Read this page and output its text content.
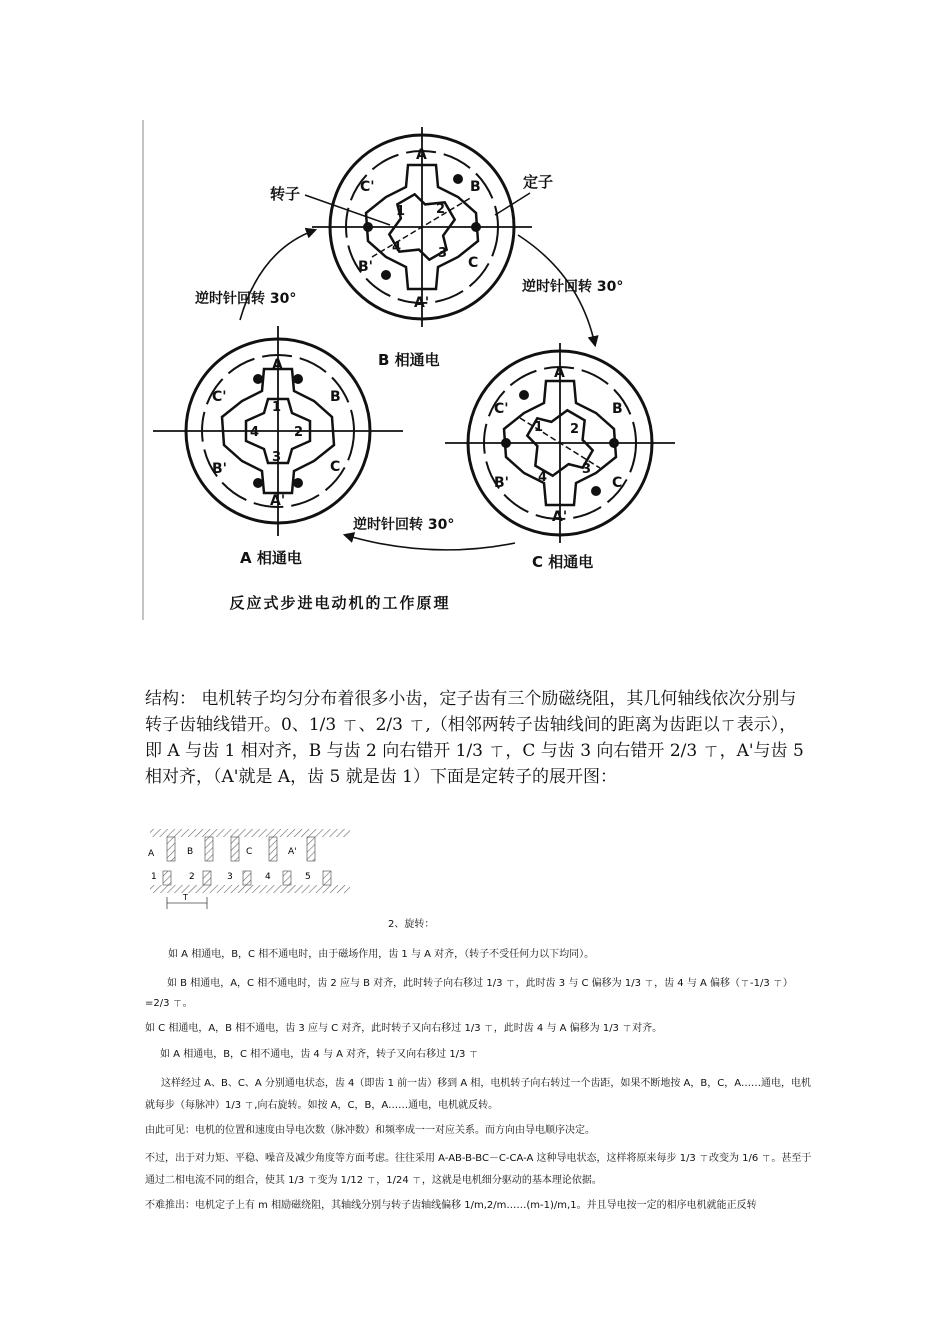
A
A'
B
B'	C
C'
1 2
3
4
转子
定子
B 相通电
A
A'
B
B'	C
C'
1
2
3
4
A 相通电
A
A'
B
B'	C
C'
1 2
3
4
C 相通电
逆时针回转 30°
逆时针回转 30°
逆时针回转 30°
反应式步进电动机的工作原理

结构： 电机转子均匀分布着很多小齿，定子齿有三个励磁绕阻，其几何轴线依次分别与转子齿轴线错开。0、1/3 ㄒ、2/3 ㄒ,（相邻两转子齿轴线间的距离为齿距以ㄒ表示），即 A 与齿 1 相对齐，B 与齿 2 向右错开 1/3 ㄒ，C 与齿 3 向右错开 2/3 ㄒ，A'与齿 5 相对齐，（A'就是 A，齿 5 就是齿 1）下面是定转子的展开图：

A	B	C	A'
1	2	3	4	5
T

2、旋转：

如 A 相通电，B，C 相不通电时，由于磁场作用，齿 1 与 A 对齐，（转子不受任何力以下均同）。

如 B 相通电，A，C 相不通电时，齿 2 应与 B 对齐，此时转子向右移过 1/3 ㄒ，此时齿 3 与 C 偏移为 1/3 ㄒ，齿 4 与 A 偏移（ㄒ-1/3 ㄒ）=2/3 ㄒ。

如 C 相通电，A，B 相不通电，齿 3 应与 C 对齐，此时转子又向右移过 1/3 ㄒ，此时齿 4 与 A 偏移为 1/3 ㄒ对齐。

如 A 相通电，B，C 相不通电，齿 4 与 A 对齐，转子又向右移过 1/3 ㄒ

这样经过 A、B、C、A 分别通电状态，齿 4（即齿 1 前一齿）移到 A 相，电机转子向右转过一个齿距，如果不断地按 A，B，C，A……通电，电机就每步（每脉冲）1/3 ㄒ,向右旋转。如按 A，C，B，A……通电，电机就反转。

由此可见：电机的位置和速度由导电次数（脉冲数）和频率成一一对应关系。而方向由导电顺序决定。

不过，出于对力矩、平稳、噪音及减少角度等方面考虑。往往采用 A-AB-B-BC－C-CA-A 这种导电状态，这样将原来每步 1/3 ㄒ改变为 1/6 ㄒ。甚至于通过二相电流不同的组合，使其 1/3 ㄒ变为 1/12 ㄒ，1/24 ㄒ，这就是电机细分驱动的基本理论依据。

不难推出：电机定子上有 m 相励磁绕阻，其轴线分别与转子齿轴线偏移 1/m,2/m……(m-1)/m,1。并且导电按一定的相序电机就能正反转
